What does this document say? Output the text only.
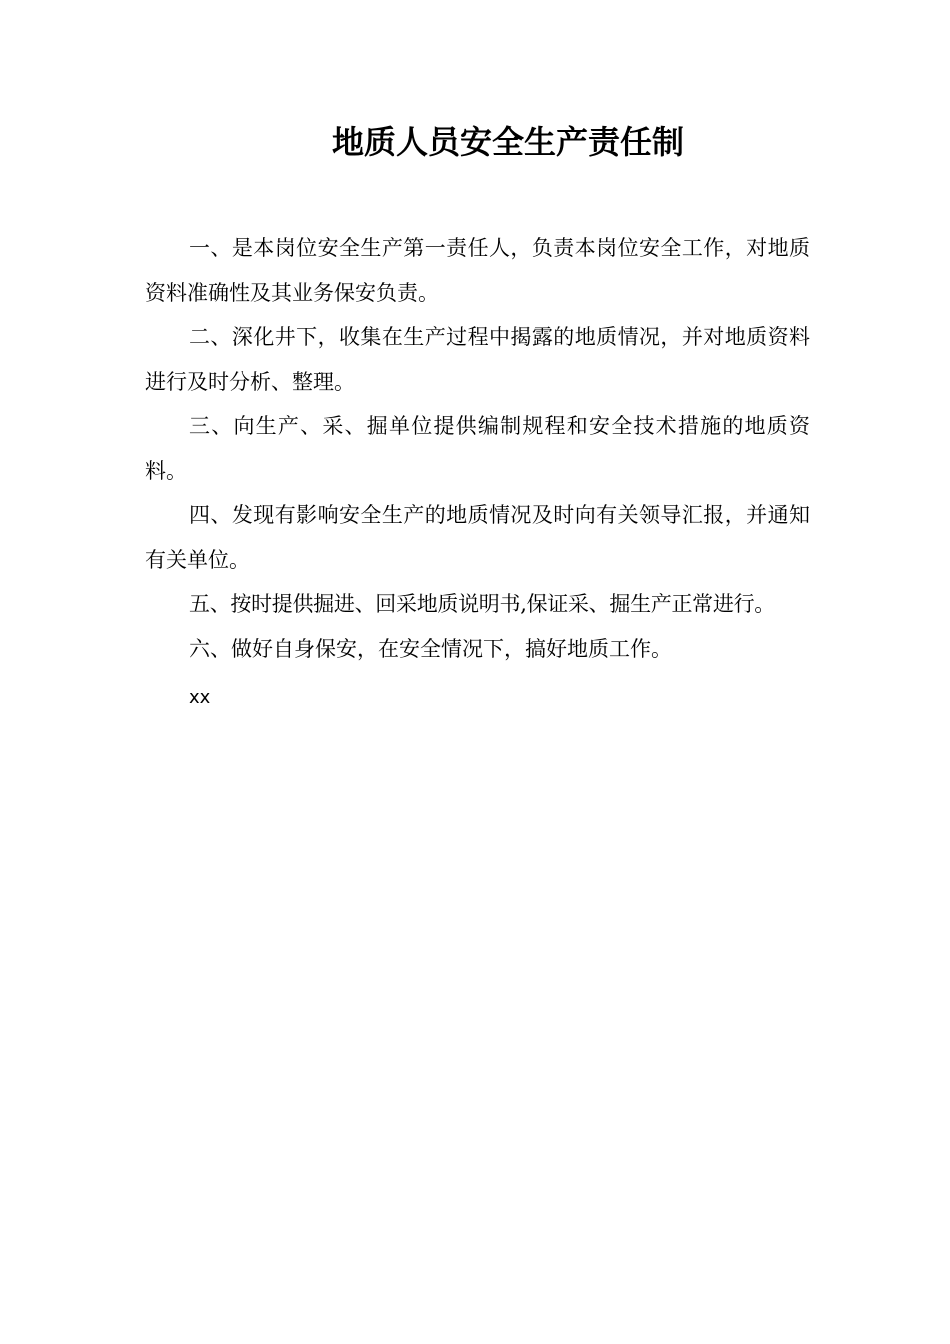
地质人员安全生产责任制

一、是本岗位安全生产第一责任人，负责本岗位安全工作，对地质资料准确性及其业务保安负责。

二、深化井下，收集在生产过程中揭露的地质情况，并对地质资料进行及时分析、整理。

三、向生产、采、掘单位提供编制规程和安全技术措施的地质资料。

四、发现有影响安全生产的地质情况及时向有关领导汇报，并通知有关单位。

五、按时提供掘进、回采地质说明书,保证采、掘生产正常进行。

六、做好自身保安，在安全情况下，搞好地质工作。

xx
